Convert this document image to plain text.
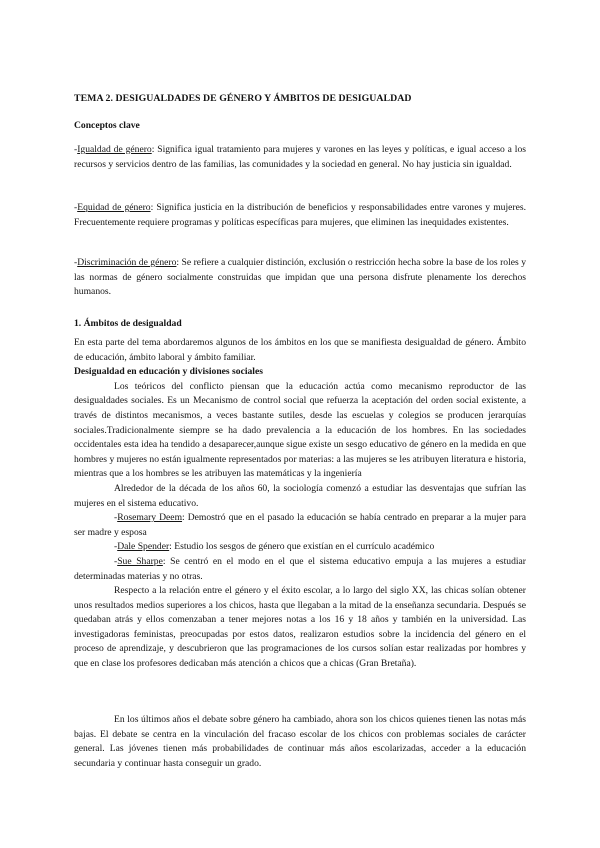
TEMA 2. DESIGUALDADES DE GÉNERO Y ÁMBITOS DE DESIGUALDAD
Conceptos clave

-Igualdad de género: Significa igual tratamiento para mujeres y varones en las leyes y políticas, e igual acceso a los recursos y servicios dentro de las familias, las comunidades y la sociedad en general. No hay justicia sin igualdad.

-Equidad de género: Significa justicia en la distribución de beneficios y responsabilidades entre varones y mujeres. Frecuentemente requiere programas y políticas específicas para mujeres, que eliminen las inequidades existentes.

-Discriminación de género: Se refiere a cualquier distinción, exclusión o restricción hecha sobre la base de los roles y las normas de género socialmente construidas que impidan que una persona disfrute plenamente los derechos humanos.

1. Ámbitos de desigualdad

En esta parte del tema abordaremos algunos de los ámbitos en los que se manifiesta desigualdad de género. Ámbito de educación, ámbito laboral y ámbito familiar.

Desigualdad en educación y divisiones sociales

Los teóricos del conflicto piensan que la educación actúa como mecanismo reproductor de las desigualdades sociales. Es un Mecanismo de control social que refuerza la aceptación del orden social existente, a través de distintos mecanismos, a veces bastante sutiles, desde las escuelas y colegios se producen jerarquías sociales.Tradicionalmente siempre se ha dado prevalencia a la educación de los hombres. En las sociedades occidentales esta idea ha tendido a desaparecer,aunque sigue existe un sesgo educativo de género en la medida en que hombres y mujeres no están igualmente representados por materias: a las mujeres se les atribuyen literatura e historia, mientras que a los hombres se les atribuyen las matemáticas y la ingeniería

Alrededor de la década de los años 60, la sociología comenzó a estudiar las desventajas que sufrían las mujeres en el sistema educativo.

-Rosemary Deem: Demostró que en el pasado la educación se había centrado en preparar a la mujer para ser madre y esposa

-Dale Spender: Estudio los sesgos de género que existían en el currículo académico

-Sue Sharpe: Se centró en el modo en el que el sistema educativo empuja a las mujeres a estudiar determinadas materias y no otras.

Respecto a la relación entre el género y el éxito escolar, a lo largo del siglo XX, las chicas solían obtener unos resultados medios superiores a los chicos, hasta que llegaban a la mitad de la enseñanza secundaria. Después se quedaban atrás y ellos comenzaban a tener mejores notas a los 16 y 18 años y también en la universidad. Las investigadoras feministas, preocupadas por estos datos, realizaron estudios sobre la incidencia del género en el proceso de aprendizaje, y descubrieron que las programaciones de los cursos solían estar realizadas por hombres y que en clase los profesores dedicaban más atención a chicos que a chicas (Gran Bretaña).

En los últimos años el debate sobre género ha cambiado, ahora son los chicos quienes tienen las notas más bajas. El debate se centra en la vinculación del fracaso escolar de los chicos con problemas sociales de carácter general. Las jóvenes tienen más probabilidades de continuar más años escolarizadas, acceder a la educación secundaria y continuar hasta conseguir un grado.
